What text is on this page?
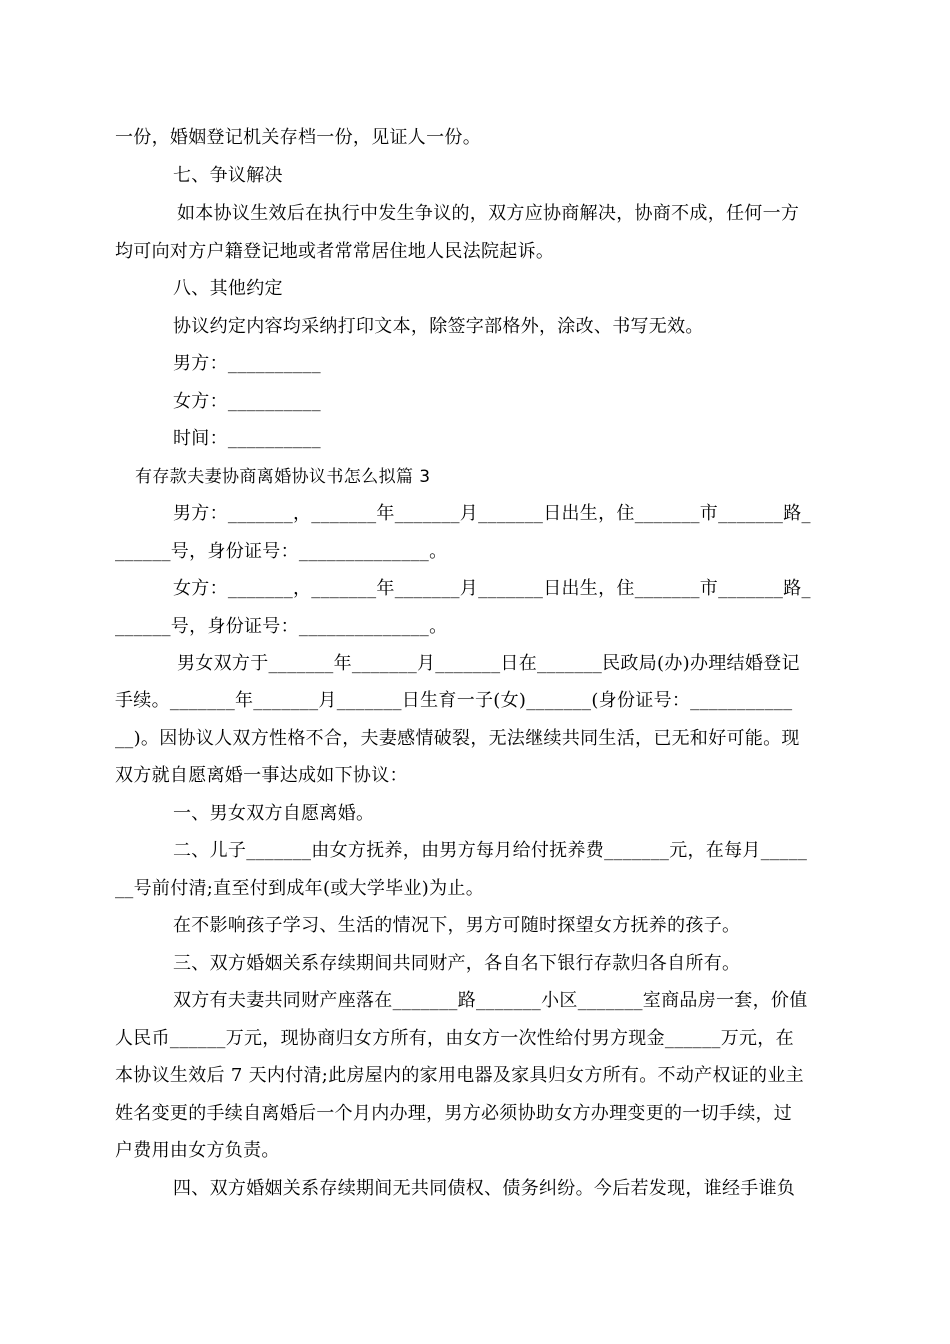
一份，婚姻登记机关存档一份，见证人一份。
七、争议解决
如本协议生效后在执行中发生争议的，双方应协商解决，协商不成，任何一方
均可向对方户籍登记地或者常常居住地人民法院起诉。
八、其他约定
协议约定内容均采纳打印文本，除签字部格外，涂改、书写无效。
男方：__________
女方：__________
时间：__________
有存款夫妻协商离婚协议书怎么拟篇 3
男方：_______，_______年_______月_______日出生，住_______市_______路_
______号，身份证号：______________。
女方：_______，_______年_______月_______日出生，住_______市_______路_
______号，身份证号：______________。
男女双方于_______年_______月_______日在_______民政局(办)办理结婚登记
手续。_______年_______月_______日生育一子(女)_______(身份证号：___________
__)。因协议人双方性格不合，夫妻感情破裂，无法继续共同生活，已无和好可能。现
双方就自愿离婚一事达成如下协议：
一、男女双方自愿离婚。
二、儿子_______由女方抚养，由男方每月给付抚养费_______元，在每月_____
__号前付清;直至付到成年(或大学毕业)为止。
在不影响孩子学习、生活的情况下，男方可随时探望女方抚养的孩子。
三、双方婚姻关系存续期间共同财产，各自名下银行存款归各自所有。
双方有夫妻共同财产座落在_______路_______小区_______室商品房一套，价值
人民币______万元，现协商归女方所有，由女方一次性给付男方现金______万元，在
本协议生效后 7 天内付清;此房屋内的家用电器及家具归女方所有。不动产权证的业主
姓名变更的手续自离婚后一个月内办理，男方必须协助女方办理变更的一切手续，过
户费用由女方负责。
四、双方婚姻关系存续期间无共同债权、债务纠纷。今后若发现，谁经手谁负
